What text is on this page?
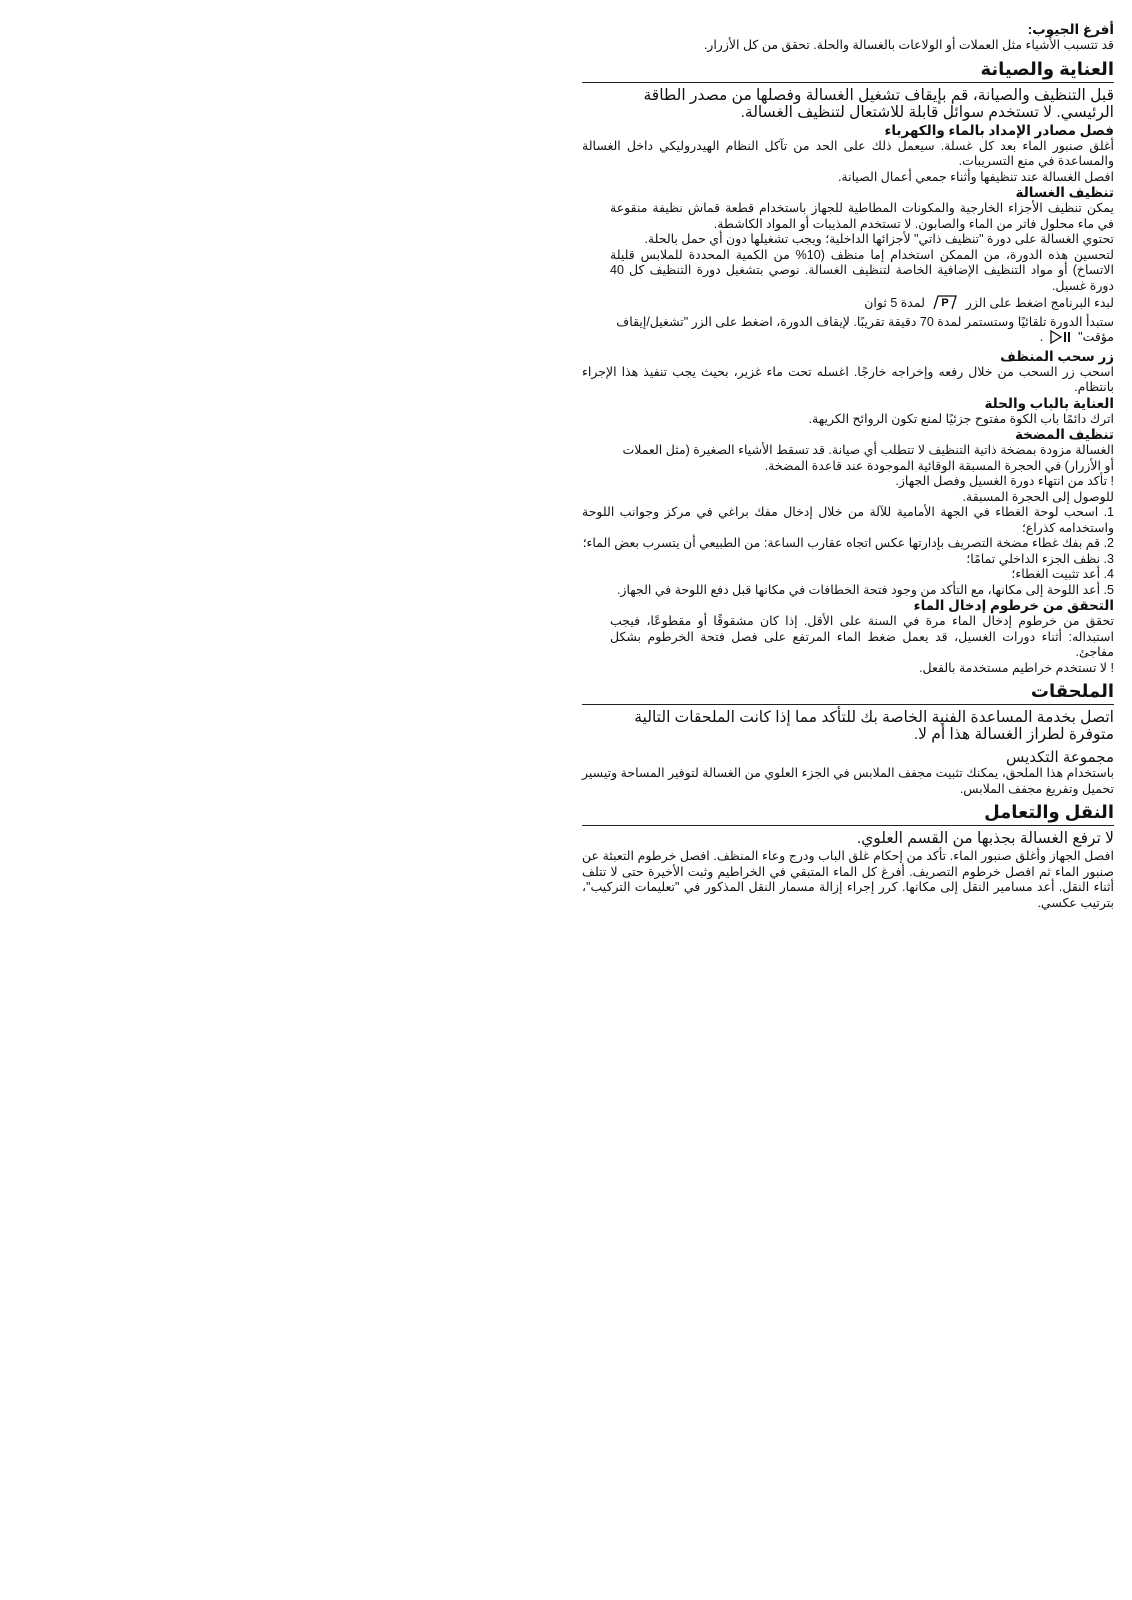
أفرغ الجيوب:

قد تتسبب الأشياء مثل العملات أو الولاعات بالغسالة والحلة. تحقق من كل الأزرار.

العناية والصيانة

قبل التنظيف والصيانة، قم بإيقاف تشغيل الغسالة وفصلها من مصدر الطاقة الرئيسي. لا تستخدم سوائل قابلة للاشتعال لتنظيف الغسالة.

فصل مصادر الإمداد بالماء والكهرباء

أغلق صنبور الماء بعد كل غسلة. سيعمل ذلك على الحد من تآكل النظام الهيدروليكي داخل الغسالة والمساعدة في منع التسريبات.

افصل الغسالة عند تنظيفها وأثناء جمعي أعمال الصيانة.

تنظيف الغسالة

يمكن تنظيف الأجزاء الخارجية والمكونات المطاطية للجهاز باستخدام قطعة قماش نظيفة منقوعة في ماء محلول فاتر من الماء والصابون. لا تستخدم المذيبات أو المواد الكاشطة.

تحتوي الغسالة على دورة "تنظيف ذاتي" لأجزائها الداخلية؛ ويجب تشغيلها دون أي حمل بالحلة.

لتحسين هذه الدورة، من الممكن استخدام إما منظف (10% من الكمية المحددة للملابس قليلة الاتساخ) أو مواد التنظيف الإضافية الخاصة لتنظيف الغسالة. نوصي بتشغيل دورة التنظيف كل 40 دورة غسيل.

لبدء البرنامج اضغط على الزر
P
لمدة 5 ثوان

ستبدأ الدورة تلقائيًا وستستمر لمدة 70 دقيقة تقريبًا. لإيقاف الدورة، اضغط على الزر "تشغيل/إيقاف مؤقت"  .

زر سحب المنظف

اسحب زر السحب من خلال رفعه وإخراجه خارجًا. اغسله تحت ماء غزير، بحيث يجب تنفيذ هذا الإجراء بانتظام.

العناية بالباب والحلة

اترك دائمًا باب الكوة مفتوح جزئيًا لمنع تكون الروائح الكريهة.

تنظيف المضخة

الغسالة مزودة بمضخة ذاتية التنظيف لا تتطلب أي صيانة. قد تسقط الأشياء الصغيرة (مثل العملات أو الأزرار) في الحجرة المسبقة الوقائية الموجودة عند قاعدة المضخة.

! تأكد من انتهاء دورة الغسيل وفصل الجهاز.

للوصول إلى الحجرة المسبقة.

1. اسحب لوحة الغطاء في الجهة الأمامية للآلة من خلال إدخال مفك براغي في مركز وجوانب اللوحة واستخدامه كذراع؛

2. قم بفك غطاء مضخة التصريف بإدارتها عكس اتجاه عقارب الساعة: من الطبيعي أن يتسرب بعض الماء؛

3. نظف الجزء الداخلي تمامًا؛

4. أعد تثبيت الغطاء؛

5. أعد اللوحة إلى مكانها، مع التأكد من وجود فتحة الخطافات في مكانها قبل دفع اللوحة في الجهاز.

التحقق من خرطوم إدخال الماء

تحقق من خرطوم إدخال الماء مرة في السنة على الأقل. إذا كان مشقوقًا أو مقطوعًا، فيجب استبداله: أثناء دورات الغسيل، قد يعمل ضغط الماء المرتفع على فصل فتحة الخرطوم بشكل مفاجئ.

! لا تستخدم خراطيم مستخدمة بالفعل.

الملحقات

اتصل بخدمة المساعدة الفنية الخاصة بك للتأكد مما إذا كانت الملحقات التالية متوفرة لطراز الغسالة هذا أم لا.

مجموعة التكديس

باستخدام هذا الملحق، يمكنك تثبيت مجفف الملابس في الجزء العلوي من الغسالة لتوفير المساحة وتيسير تحميل وتفريغ مجفف الملابس.

النقل والتعامل

لا ترفع الغسالة بجذبها من القسم العلوي.

افصل الجهاز وأغلق صنبور الماء. تأكد من إحكام غلق الباب ودرج وعاء المنظف. افصل خرطوم التعبئة عن صنبور الماء ثم افصل خرطوم التصريف. أفرغ كل الماء المتبقي في الخراطيم وثبت الأخيرة حتى لا تتلف أثناء النقل. أعد مسامير النقل إلى مكانها. كرر إجراء إزالة مسمار النقل المذكور في "تعليمات التركيب"، بترتيب عكسي.
